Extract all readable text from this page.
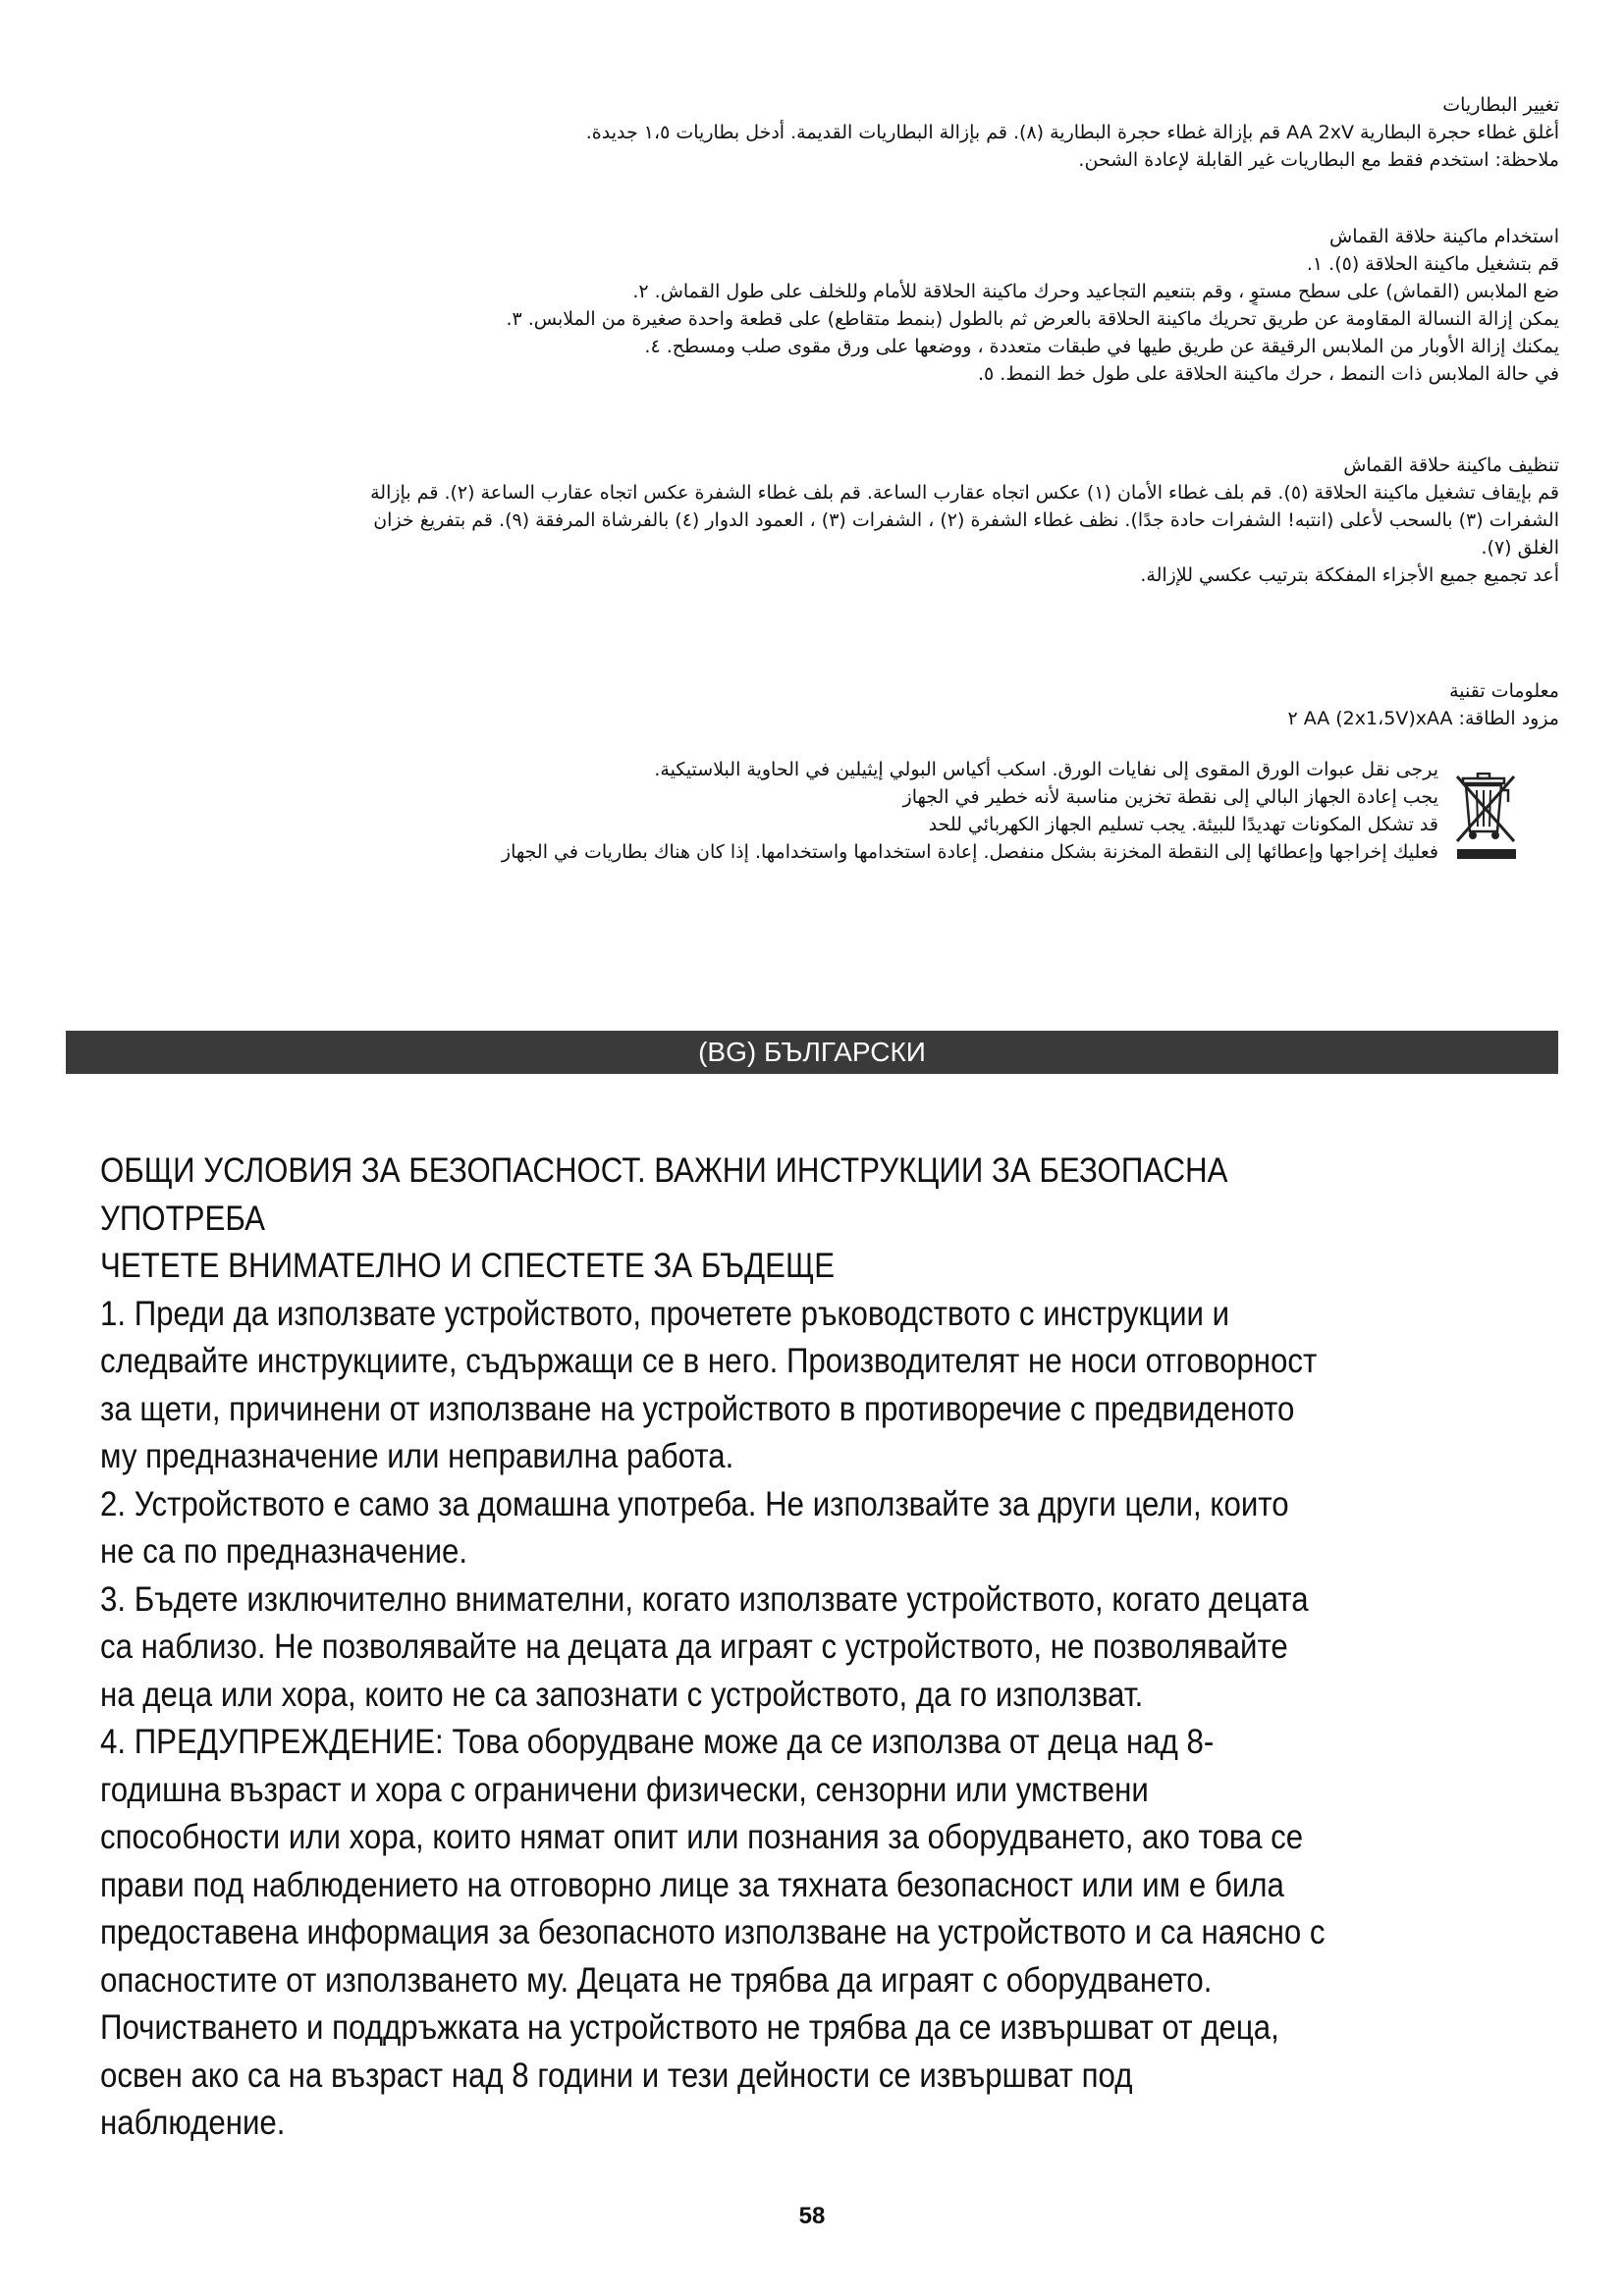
تغيير البطاريات

أغلق غطاء حجرة البطارية AA 2xV قم بإزالة غطاء حجرة البطارية (٨). قم بإزالة البطاريات القديمة. أدخل بطاريات ١،٥ جديدة.

ملاحظة: استخدم فقط مع البطاريات غير القابلة لإعادة الشحن.

استخدام ماكينة حلاقة القماش

قم بتشغيل ماكينة الحلاقة (٥). ١.

ضع الملابس (القماش) على سطح مستوٍ ، وقم بتنعيم التجاعيد وحرك ماكينة الحلاقة للأمام وللخلف على طول القماش. ٢.

يمكن إزالة النسالة المقاومة عن طريق تحريك ماكينة الحلاقة بالعرض ثم بالطول (بنمط متقاطع) على قطعة واحدة صغيرة من الملابس. ٣.

يمكنك إزالة الأوبار من الملابس الرقيقة عن طريق طيها في طبقات متعددة ، ووضعها على ورق مقوى صلب ومسطح. ٤.

في حالة الملابس ذات النمط ، حرك ماكينة الحلاقة على طول خط النمط. ٥.

تنظيف ماكينة حلاقة القماش

قم بإيقاف تشغيل ماكينة الحلاقة (٥). قم بلف غطاء الأمان (١) عكس اتجاه عقارب الساعة. قم بلف غطاء الشفرة عكس اتجاه عقارب الساعة (٢). قم بإزالة

الشفرات (٣) بالسحب لأعلى (انتبه! الشفرات حادة جدًا). نظف غطاء الشفرة (٢) ، الشفرات (٣) ، العمود الدوار (٤) بالفرشاة المرفقة (٩). قم بتفريغ خزان

الغلق (٧).

أعد تجميع جميع الأجزاء المفككة بترتيب عكسي للإزالة.

معلومات تقنية

مزود الطاقة: AA (2x1،5V)xAA ٢

يرجى نقل عبوات الورق المقوى إلى نفايات الورق. اسكب أكياس البولي إيثيلين في الحاوية البلاستيكية.

يجب إعادة الجهاز البالي إلى نقطة تخزين مناسبة لأنه خطير في الجهاز

قد تشكل المكونات تهديدًا للبيئة. يجب تسليم الجهاز الكهربائي للحد

فعليك إخراجها وإعطائها إلى النقطة المخزنة بشكل منفصل. إعادة استخدامها واستخدامها. إذا كان هناك بطاريات في الجهاز

(BG) БЪЛГАРСКИ

ОБЩИ УСЛОВИЯ ЗА БЕЗОПАСНОСТ. ВАЖНИ ИНСТРУКЦИИ ЗА БЕЗОПАСНА

УПОТРЕБА

ЧЕТЕТЕ ВНИМАТЕЛНО И СПЕСТЕТЕ ЗА БЪДЕЩЕ

1. Преди да използвате устройството, прочетете ръководството с инструкции и

следвайте инструкциите, съдържащи се в него. Производителят не носи отговорност

за щети, причинени от използване на устройството в противоречие с предвиденото

му предназначение или неправилна работа.

2. Устройството е само за домашна употреба. Не използвайте за други цели, които

не са по предназначение.

3. Бъдете изключително внимателни, когато използвате устройството, когато децата

са наблизо. Не позволявайте на децата да играят с устройството, не позволявайте

на деца или хора, които не са запознати с устройството, да го използват.

4. ПРЕДУПРЕЖДЕНИЕ: Това оборудване може да се използва от деца над 8-

годишна възраст и хора с ограничени физически, сензорни или умствени

способности или хора, които нямат опит или познания за оборудването, ако това се

прави под наблюдението на отговорно лице за тяхната безопасност или им е била

предоставена информация за безопасното използване на устройството и са наясно с

опасностите от използването му. Децата не трябва да играят с оборудването.

Почистването и поддръжката на устройството не трябва да се извършват от деца,

освен ако са на възраст над 8 години и тези дейности се извършват под

наблюдение.

58
